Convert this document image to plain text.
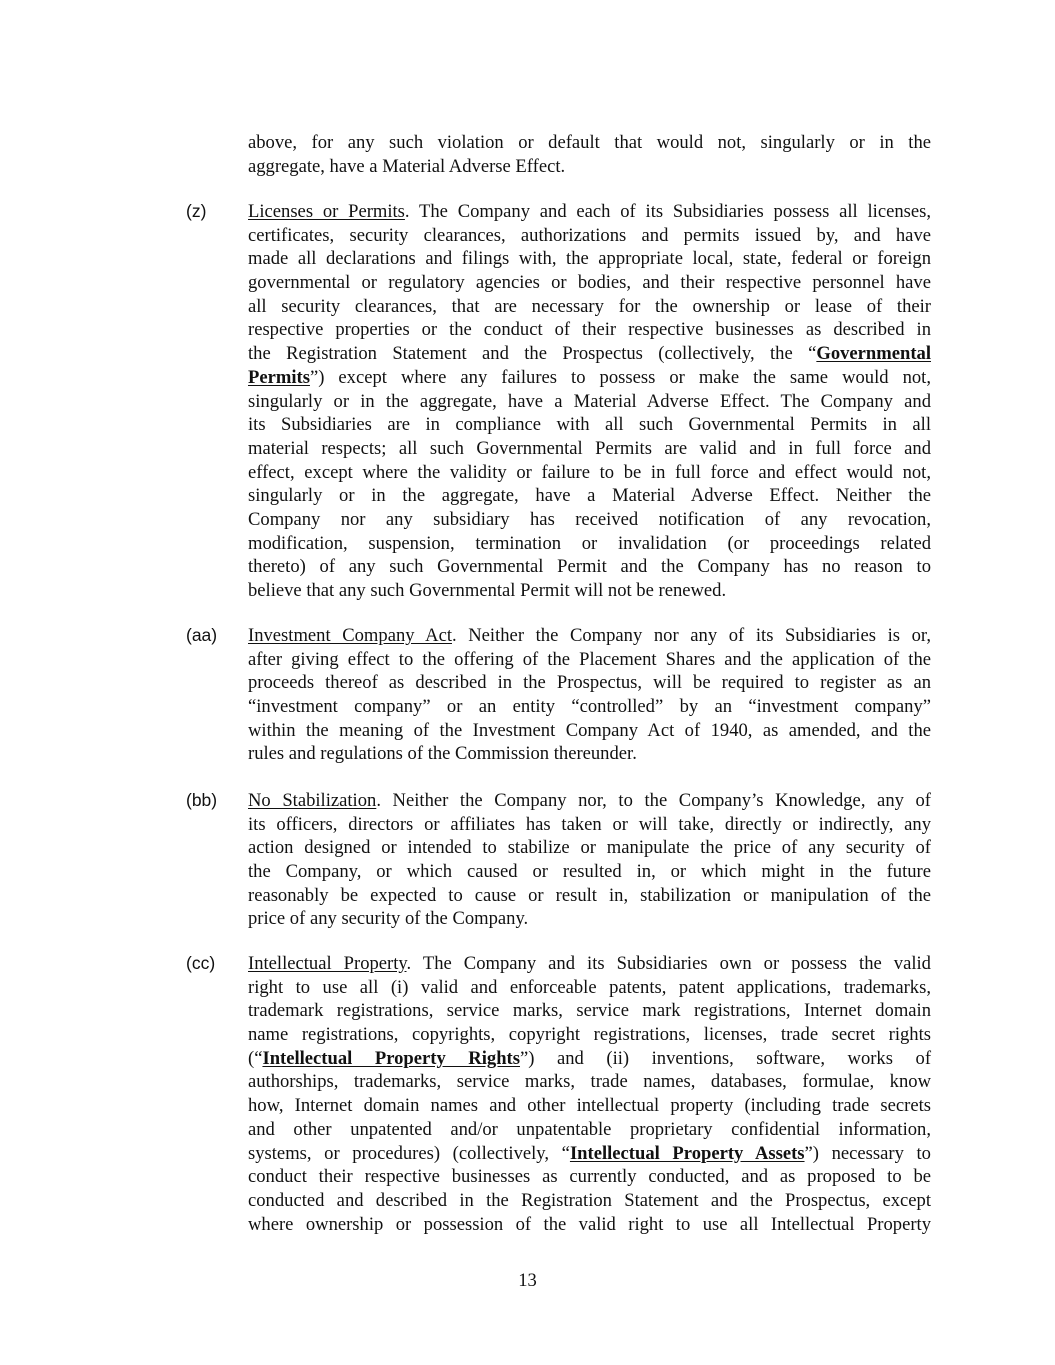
above, for any such violation or default that would not, singularly or in the
aggregate, have a Material Adverse Effect.
(z) Licenses or Permits. The Company and each of its Subsidiaries possess all licenses,
certificates, security clearances, authorizations and permits issued by, and have
made all declarations and filings with, the appropriate local, state, federal or foreign
governmental or regulatory agencies or bodies, and their respective personnel have
all security clearances, that are necessary for the ownership or lease of their
respective properties or the conduct of their respective businesses as described in
the Registration Statement and the Prospectus (collectively, the “Governmental
Permits”) except where any failures to possess or make the same would not,
singularly or in the aggregate, have a Material Adverse Effect. The Company and
its Subsidiaries are in compliance with all such Governmental Permits in all
material respects; all such Governmental Permits are valid and in full force and
effect, except where the validity or failure to be in full force and effect would not,
singularly or in the aggregate, have a Material Adverse Effect. Neither the
Company nor any subsidiary has received notification of any revocation,
modification, suspension, termination or invalidation (or proceedings related
thereto) of any such Governmental Permit and the Company has no reason to
believe that any such Governmental Permit will not be renewed.
(aa) Investment Company Act. Neither the Company nor any of its Subsidiaries is or,
after giving effect to the offering of the Placement Shares and the application of the
proceeds thereof as described in the Prospectus, will be required to register as an
“investment company” or an entity “controlled” by an “investment company”
within the meaning of the Investment Company Act of 1940, as amended, and the
rules and regulations of the Commission thereunder.
(bb) No Stabilization. Neither the Company nor, to the Company’s Knowledge, any of
its officers, directors or affiliates has taken or will take, directly or indirectly, any
action designed or intended to stabilize or manipulate the price of any security of
the Company, or which caused or resulted in, or which might in the future
reasonably be expected to cause or result in, stabilization or manipulation of the
price of any security of the Company.
(cc) Intellectual Property. The Company and its Subsidiaries own or possess the valid
right to use all (i) valid and enforceable patents, patent applications, trademarks,
trademark registrations, service marks, service mark registrations, Internet domain
name registrations, copyrights, copyright registrations, licenses, trade secret rights
(“Intellectual Property Rights”) and (ii) inventions, software, works of
authorships, trademarks, service marks, trade names, databases, formulae, know
how, Internet domain names and other intellectual property (including trade secrets
and other unpatented and/or unpatentable proprietary confidential information,
systems, or procedures) (collectively, “Intellectual Property Assets”) necessary to
conduct their respective businesses as currently conducted, and as proposed to be
conducted and described in the Registration Statement and the Prospectus, except
where ownership or possession of the valid right to use all Intellectual Property
13
